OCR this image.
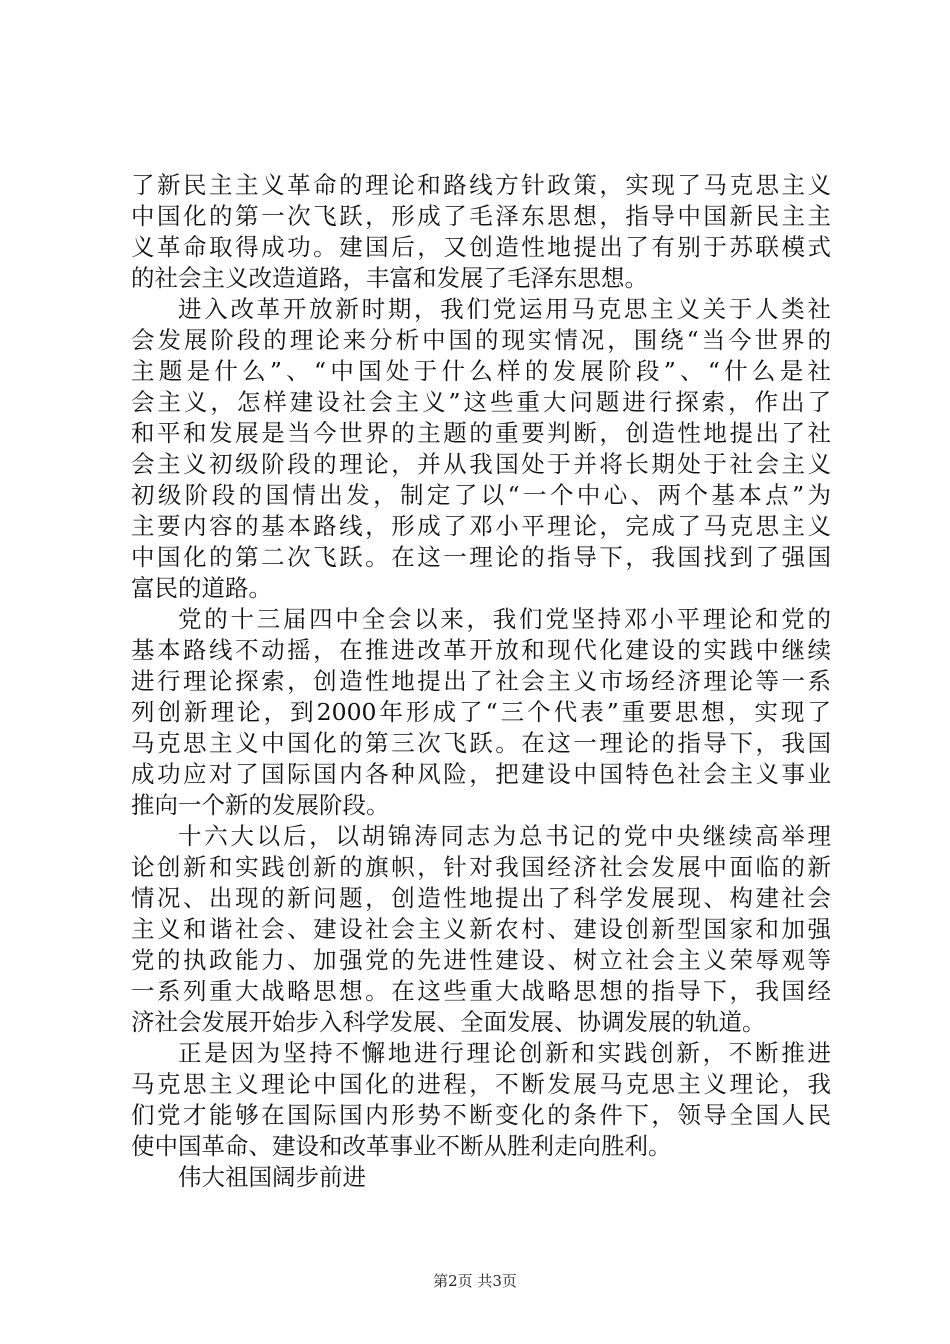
了新民主主义革命的理论和路线方针政策，实现了马克思主义
中国化的第一次飞跃，形成了毛泽东思想，指导中国新民主主
义革命取得成功。建国后，又创造性地提出了有别于苏联模式
的社会主义改造道路，丰富和发展了毛泽东思想。
进入改革开放新时期，我们党运用马克思主义关于人类社
会发展阶段的理论来分析中国的现实情况，围绕“当今世界的
主题是什么”、“中国处于什么样的发展阶段”、“什么是社
会主义，怎样建设社会主义”这些重大问题进行探索，作出了
和平和发展是当今世界的主题的重要判断，创造性地提出了社
会主义初级阶段的理论，并从我国处于并将长期处于社会主义
初级阶段的国情出发，制定了以“一个中心、两个基本点”为
主要内容的基本路线，形成了邓小平理论，完成了马克思主义
中国化的第二次飞跃。在这一理论的指导下，我国找到了强国
富民的道路。
党的十三届四中全会以来，我们党坚持邓小平理论和党的
基本路线不动摇，在推进改革开放和现代化建设的实践中继续
进行理论探索，创造性地提出了社会主义市场经济理论等一系
列创新理论，到2000年形成了“三个代表”重要思想，实现了
马克思主义中国化的第三次飞跃。在这一理论的指导下，我国
成功应对了国际国内各种风险，把建设中国特色社会主义事业
推向一个新的发展阶段。
十六大以后，以胡锦涛同志为总书记的党中央继续高举理
论创新和实践创新的旗帜，针对我国经济社会发展中面临的新
情况、出现的新问题，创造性地提出了科学发展现、构建社会
主义和谐社会、建设社会主义新农村、建设创新型国家和加强
党的执政能力、加强党的先进性建设、树立社会主义荣辱观等
一系列重大战略思想。在这些重大战略思想的指导下，我国经
济社会发展开始步入科学发展、全面发展、协调发展的轨道。
正是因为坚持不懈地进行理论创新和实践创新，不断推进
马克思主义理论中国化的进程，不断发展马克思主义理论，我
们党才能够在国际国内形势不断变化的条件下，领导全国人民
使中国革命、建设和改革事业不断从胜利走向胜利。
伟大祖国阔步前进
第2页 共3页
